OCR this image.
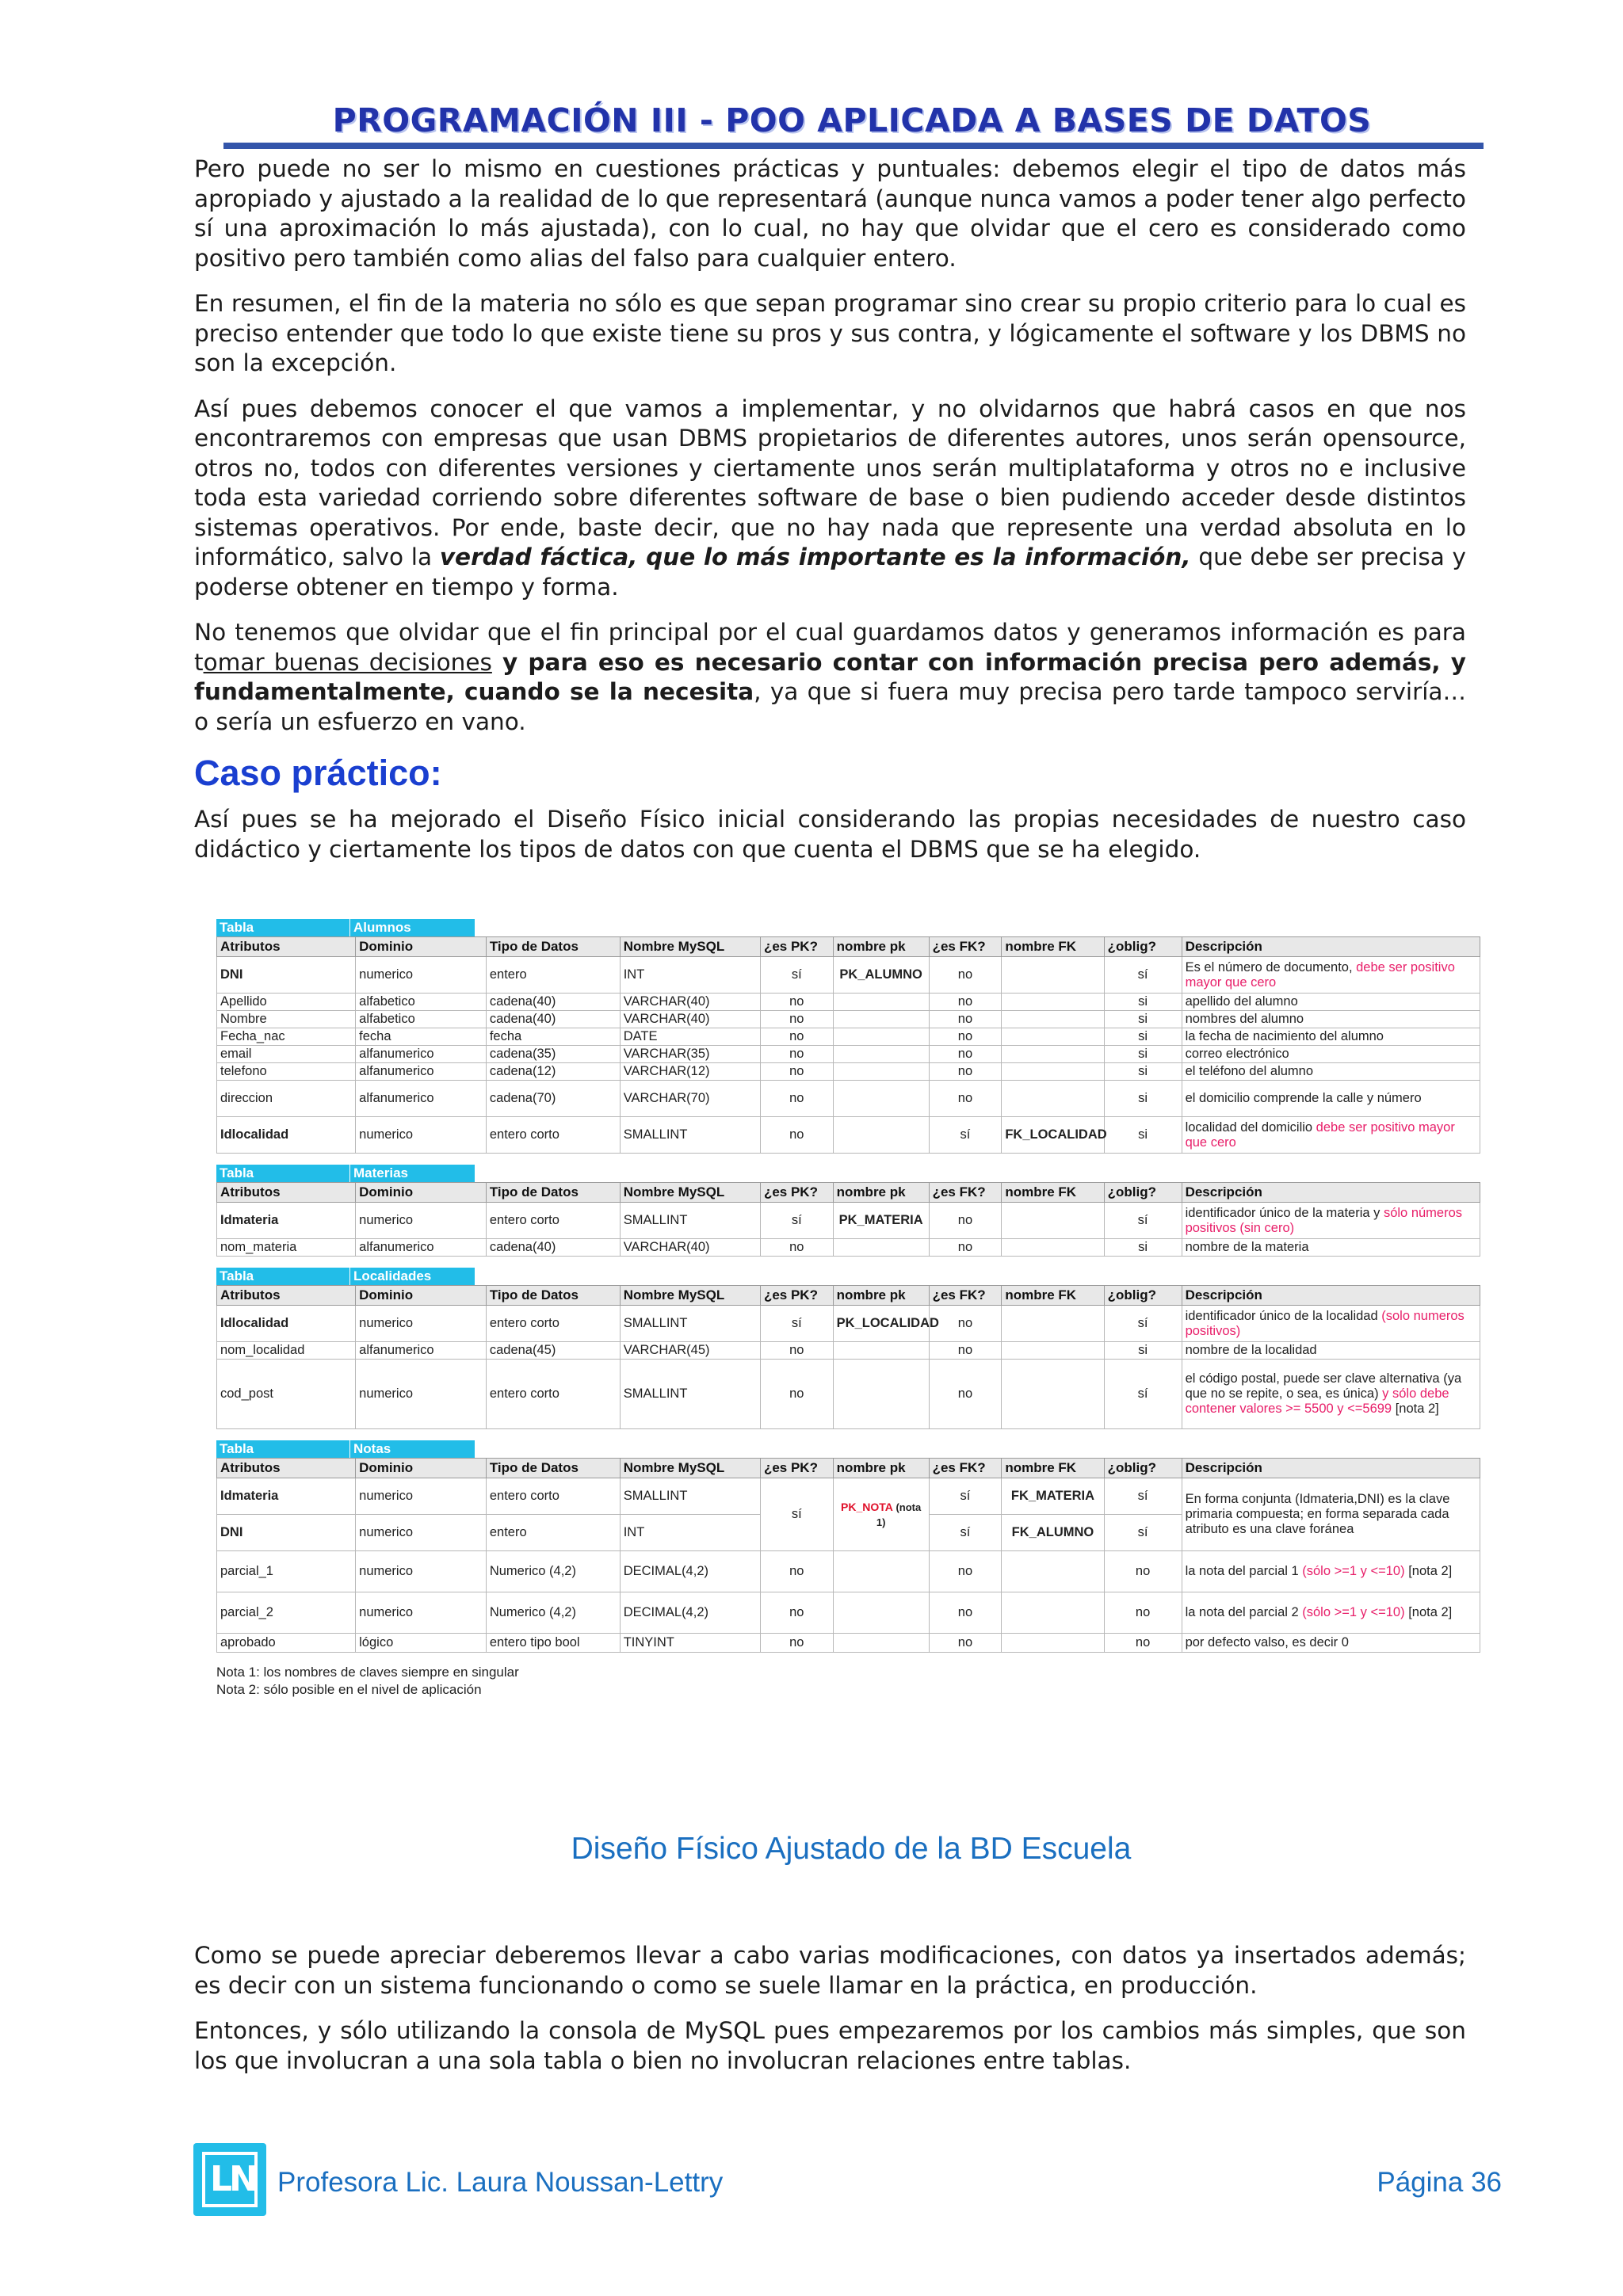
PROGRAMACIÓN III - POO APLICADA A BASES DE DATOS

Pero puede no ser lo mismo en cuestiones prácticas y puntuales: debemos elegir el tipo de datos más apropiado y ajustado a la realidad de lo que representará (aunque nunca vamos a poder tener algo perfecto sí una aproximación lo más ajustada), con lo cual, no hay que olvidar que el cero es considerado como positivo pero también como alias del falso para cualquier entero.

En resumen, el fin de la materia no sólo es que sepan programar sino crear su propio criterio para lo cual es preciso entender que todo lo que existe tiene su pros y sus contra, y lógicamente el software y los DBMS no son la excepción.

Así pues debemos conocer el que vamos a implementar, y no olvidarnos que habrá casos en que nos encontraremos con empresas que usan DBMS propietarios de diferentes autores, unos serán opensource, otros no, todos con diferentes versiones y ciertamente unos serán multiplataforma y otros no e inclusive toda esta variedad corriendo sobre diferentes software de base o bien pudiendo acceder desde distintos sistemas operativos. Por ende, baste decir, que no hay nada que represente una verdad absoluta en lo informático, salvo la verdad fáctica, que lo más importante es la información, que debe ser precisa y poderse obtener en tiempo y forma.

No tenemos que olvidar que el fin principal por el cual guardamos datos y generamos información es para tomar buenas decisiones y para eso es necesario contar con información precisa pero además, y fundamentalmente, cuando se la necesita, ya que si fuera muy precisa pero tarde tampoco serviría… o sería un esfuerzo en vano.

Caso práctico:

Así pues se ha mejorado el Diseño Físico inicial considerando las propias necesidades de nuestro caso didáctico y ciertamente los tipos de datos con que cuenta el DBMS que se ha elegido.

Tabla	Alumnos
Atributos	Dominio	Tipo de Datos	Nombre MySQL	¿es PK?	nombre pk	¿es FK?	nombre FK	¿oblig?	Descripción
DNI	numerico	entero	INT	sí	PK_ALUMNO	no		sí	Es el número de documento, debe ser positivo mayor que cero
Apellido	alfabetico	cadena(40)	VARCHAR(40)	no		no		si	apellido del alumno
Nombre	alfabetico	cadena(40)	VARCHAR(40)	no		no		si	nombres del alumno
Fecha_nac	fecha	fecha	DATE	no		no		si	la fecha de nacimiento del alumno
email	alfanumerico	cadena(35)	VARCHAR(35)	no		no		si	correo electrónico
telefono	alfanumerico	cadena(12)	VARCHAR(12)	no		no		si	el teléfono del alumno
direccion	alfanumerico	cadena(70)	VARCHAR(70)	no		no		si	el domicilio comprende la calle y número
Idlocalidad	numerico	entero corto	SMALLINT	no		sí	FK_LOCALIDAD	si	localidad del domicilio debe ser positivo mayor que cero
Tabla	Materias
Atributos	Dominio	Tipo de Datos	Nombre MySQL	¿es PK?	nombre pk	¿es FK?	nombre FK	¿oblig?	Descripción
Idmateria	numerico	entero corto	SMALLINT	sí	PK_MATERIA	no		sí	identificador único de la materia y sólo números positivos (sin cero)
nom_materia	alfanumerico	cadena(40)	VARCHAR(40)	no		no		si	nombre de la materia
Tabla	Localidades
Atributos	Dominio	Tipo de Datos	Nombre MySQL	¿es PK?	nombre pk	¿es FK?	nombre FK	¿oblig?	Descripción
Idlocalidad	numerico	entero corto	SMALLINT	sí	PK_LOCALIDAD	no		sí	identificador único de la localidad (solo numeros positivos)
nom_localidad	alfanumerico	cadena(45)	VARCHAR(45)	no		no		si	nombre de la localidad
cod_post	numerico	entero corto	SMALLINT	no		no		sí	el código postal, puede ser clave alternativa (ya que no se repite, o sea, es única) y sólo debe contener valores >= 5500 y <=5699 [nota 2]
Tabla	Notas
Atributos	Dominio	Tipo de Datos	Nombre MySQL	¿es PK?	nombre pk	¿es FK?	nombre FK	¿oblig?	Descripción
Idmateria	numerico	entero corto	SMALLINT	sí	PK_NOTA (nota 1)	sí	FK_MATERIA	sí	En forma conjunta (Idmateria,DNI) es la clave primaria compuesta; en forma separada cada atributo es una clave foránea
DNI	numerico	entero	INT			sí	FK_ALUMNO	sí	
parcial_1	numerico	Numerico (4,2)	DECIMAL(4,2)	no		no		no	la nota del parcial 1 (sólo >=1 y <=10) [nota 2]
parcial_2	numerico	Numerico (4,2)	DECIMAL(4,2)	no		no		no	la nota del parcial 2 (sólo >=1 y <=10) [nota 2]
aprobado	lógico	entero tipo bool	TINYINT	no		no		no	por defecto valso, es decir 0
Nota 1: los nombres de claves siempre en singular
Nota 2: sólo posible en el nivel de aplicación
Diseño Físico Ajustado de la BD Escuela

Como se puede apreciar deberemos llevar a cabo varias modificaciones, con datos ya insertados además; es decir con un sistema funcionando o como se suele llamar en la práctica, en producción.

Entonces, y sólo utilizando la consola de MySQL pues empezaremos por los cambios más simples, que son los que involucran a una sola tabla o bien no involucran relaciones entre tablas.

LN Profesora Lic. Laura Noussan-Lettry	Página 36
